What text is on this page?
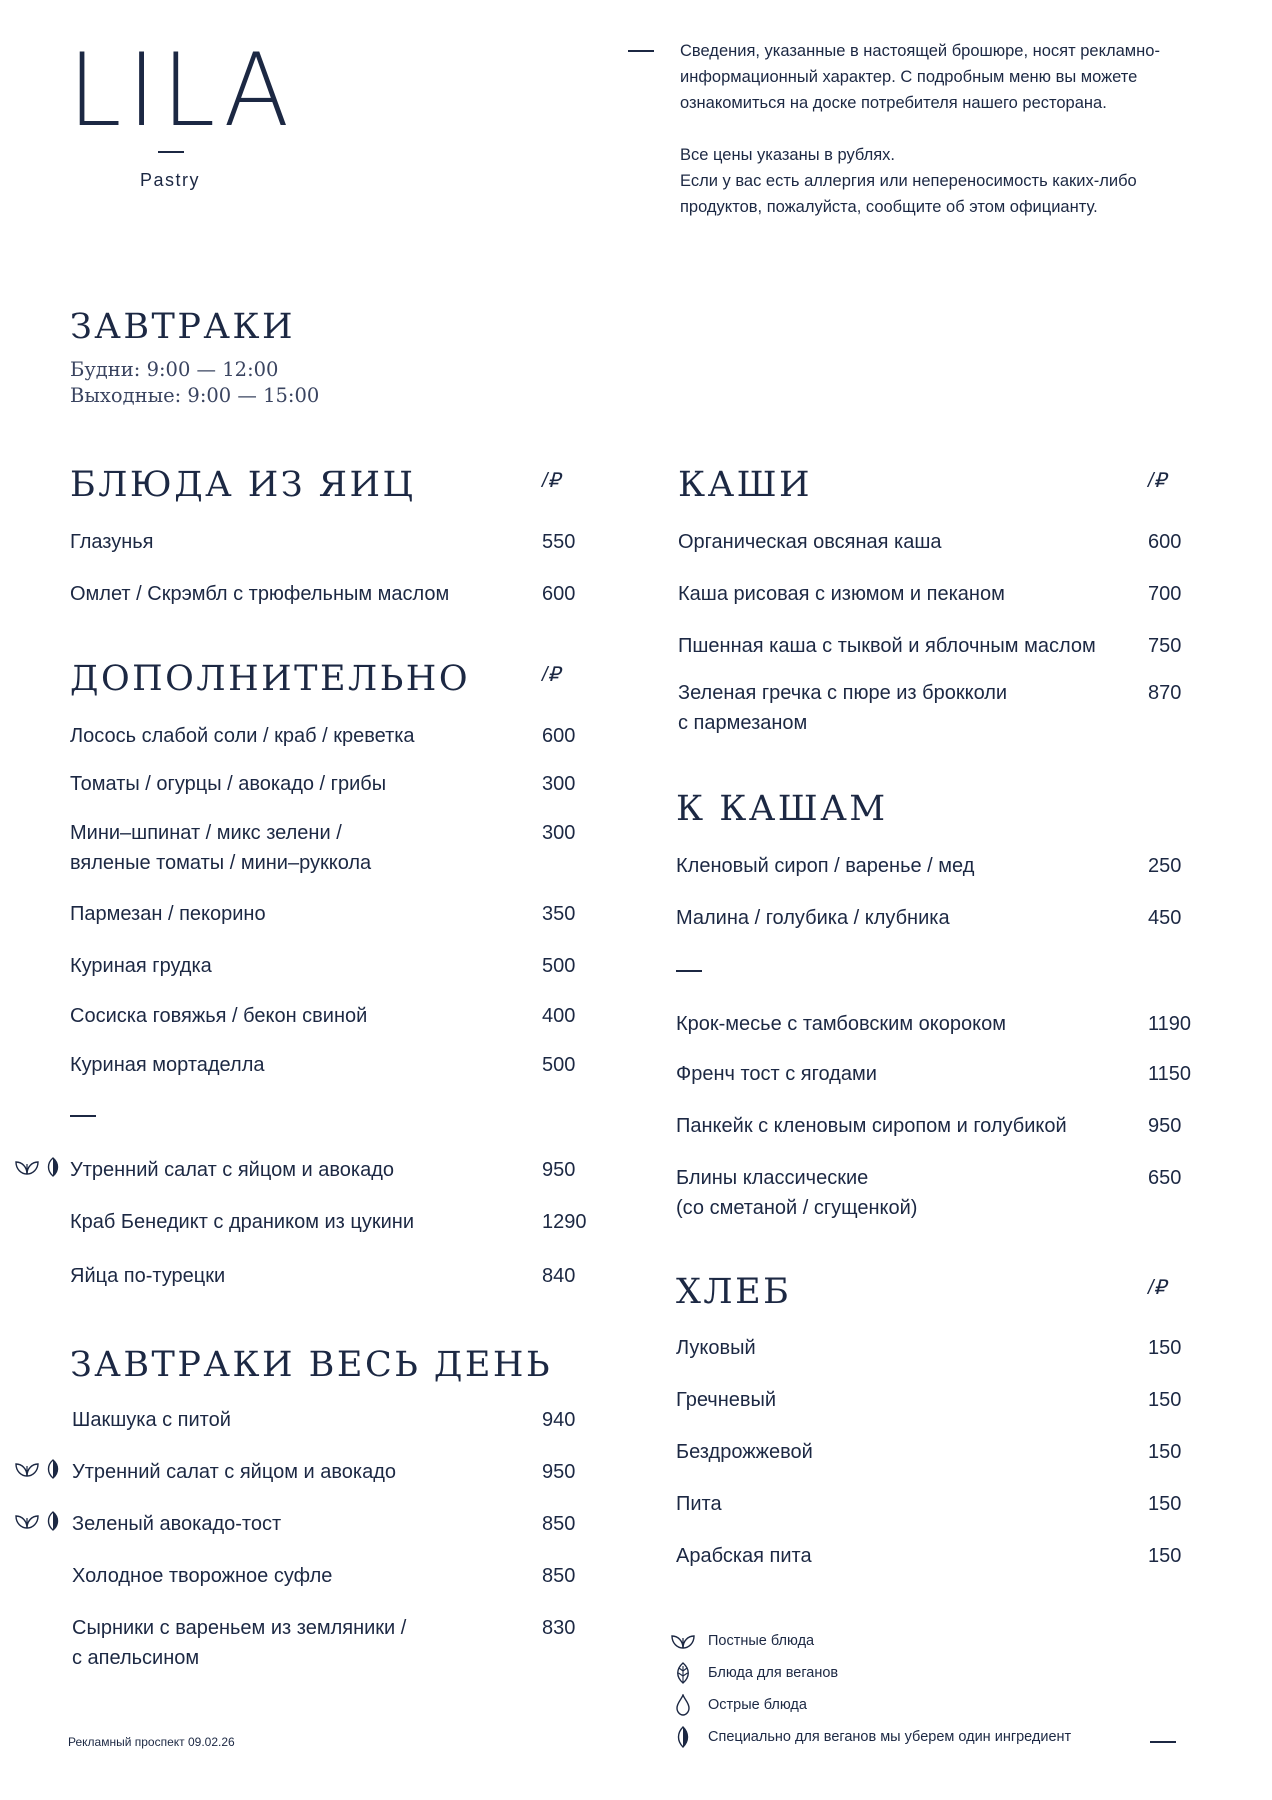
LILA
Pastry

Сведения, указанные в настоящей брошюре, носят рекламно-

информационный характер. С подробным меню вы можете

ознакомиться на доске потребителя нашего ресторана.

Все цены указаны в рублях.

Если у вас есть аллергия или непереносимость каких-либо

продуктов, пожалуйста, сообщите об этом официанту.

ЗАВТРАКИ
Будни: 9:00 — 12:00
Выходные: 9:00 — 15:00
БЛЮДА ИЗ ЯИЦ	/₽
Глазунья	550
Омлет / Скрэмбл с трюфельным маслом	600
ДОПОЛНИТЕЛЬНО	/₽
Лосось слабой соли / краб / креветка	600
Томаты / огурцы / авокадо / грибы	300
Мини–шпинат / микс зелени /
вяленые томаты / мини–руккола
300
Пармезан / пекорино	350
Куриная грудка	500
Сосиска говяжья / бекон свиной	400
Куриная мортаделла	500
Утренний салат с яйцом и авокадо	950
Краб Бенедикт с драником из цукини	1290
Яйца по-турецки	840
ЗАВТРАКИ ВЕСЬ ДЕНЬ
Шакшука с питой	940
Утренний салат с яйцом и авокадо	950
Зеленый авокадо-тост	850
Холодное творожное суфле	850
Сырники с вареньем из земляники /
с апельсином
830
Рекламный проспект 09.02.26
КАШИ	/₽
Органическая овсяная каша	600
Каша рисовая с изюмом и пеканом	700
Пшенная каша с тыквой и яблочным маслом	750
Зеленая гречка с пюре из брокколи
с пармезаном
870
К КАШАМ
Кленовый сироп / варенье / мед	250
Малина / голубика / клубника	450
Крок-месье с тамбовским окороком	1190
Френч тост с ягодами	1150
Панкейк с кленовым сиропом и голубикой	950
Блины классические
(со сметаной / сгущенкой)
650
ХЛЕБ	/₽
Луковый	150
Гречневый	150
Бездрожжевой	150
Пита	150
Арабская пита	150
Постные блюда
Блюда для веганов
Острые блюда
Специально для веганов мы уберем один ингредиент
